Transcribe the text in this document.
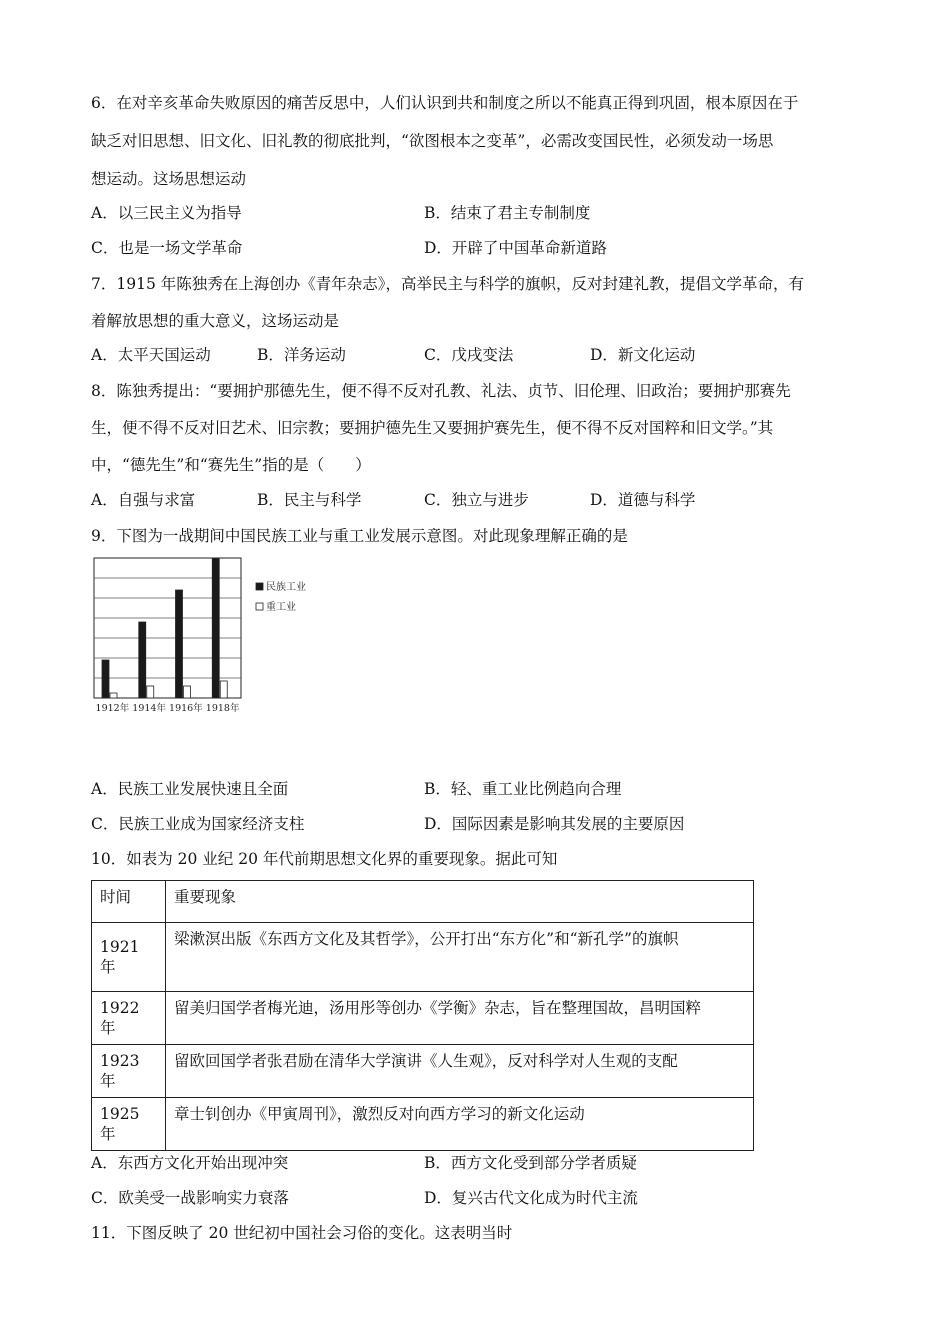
6．在对辛亥革命失败原因的痛苦反思中，人们认识到共和制度之所以不能真正得到巩固，根本原因在于
缺乏对旧思想、旧文化、旧礼教的彻底批判，“欲图根本之变革”，必需改变国民性，必须发动一场思
想运动。这场思想运动
A．以三民主义为指导	B．结束了君主专制制度
C．也是一场文学革命	D．开辟了中国革命新道路
7．1915 年陈独秀在上海创办《青年杂志》，高举民主与科学的旗帜，反对封建礼教，提倡文学革命，有
着解放思想的重大意义，这场运动是
A．太平天国运动	B．洋务运动	C．戊戌变法	D．新文化运动
8．陈独秀提出：“要拥护那德先生，便不得不反对孔教、礼法、贞节、旧伦理、旧政治；要拥护那赛先
生，便不得不反对旧艺术、旧宗教；要拥护德先生又要拥护赛先生，便不得不反对国粹和旧文学。”其
中，“德先生”和“赛先生”指的是（　　）
A．自强与求富	B．民主与科学	C．独立与进步	D．道德与科学
9．下图为一战期间中国民族工业与重工业发展示意图。对此现象理解正确的是
1912年 1914年 1916年 1918年
民族工业
重工业
A．民族工业发展快速且全面	B．轻、重工业比例趋向合理
C．民族工业成为国家经济支柱	D．国际因素是影响其发展的主要原因
10．如表为 20 业纪 20 年代前期思想文化界的重要现象。据此可知
时间	重要现象
1921 年	梁漱溟出版《东西方文化及其哲学》，公开打出“东方化”和“新孔学”的旗帜
1922 年	留美归国学者梅光迪，汤用彤等创办《学衡》杂志，旨在整理国故，昌明国粹
1923 年	留欧回国学者张君励在清华大学演讲《人生观》，反对科学对人生观的支配
1925 年	章士钊创办《甲寅周刊》，激烈反对向西方学习的新文化运动
A．东西方文化开始出现冲突	B．西方文化受到部分学者质疑
C．欧美受一战影响实力衰落	D．复兴古代文化成为时代主流
11．下图反映了 20 世纪初中国社会习俗的变化。这表明当时
